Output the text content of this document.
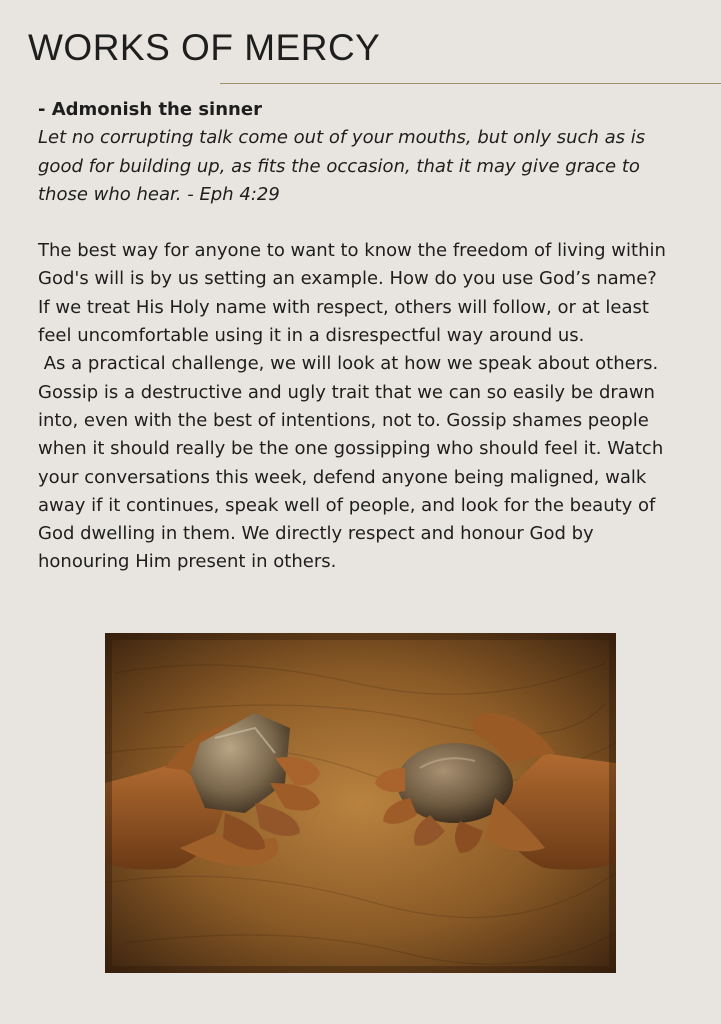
WORKS OF MERCY

- Admonish the sinner

Let no corrupting talk come out of your mouths, but only such as is good for building up, as fits the occasion, that it may give grace to those who hear. - Eph 4:29

The best way for anyone to want to know the freedom of living within God's will is by us setting an example. How do you use God’s name? If we treat His Holy name with respect, others will follow, or at least feel uncomfortable using it in a disrespectful way around us.

As a practical challenge, we will look at how we speak about others. Gossip is a destructive and ugly trait that we can so easily be drawn into, even with the best of intentions, not to. Gossip shames people when it should really be the one gossipping who should feel it. Watch your conversations this week, defend anyone being maligned, walk away if it continues, speak well of people, and look for the beauty of God dwelling in them. We directly respect and honour God by honouring Him present in others.
